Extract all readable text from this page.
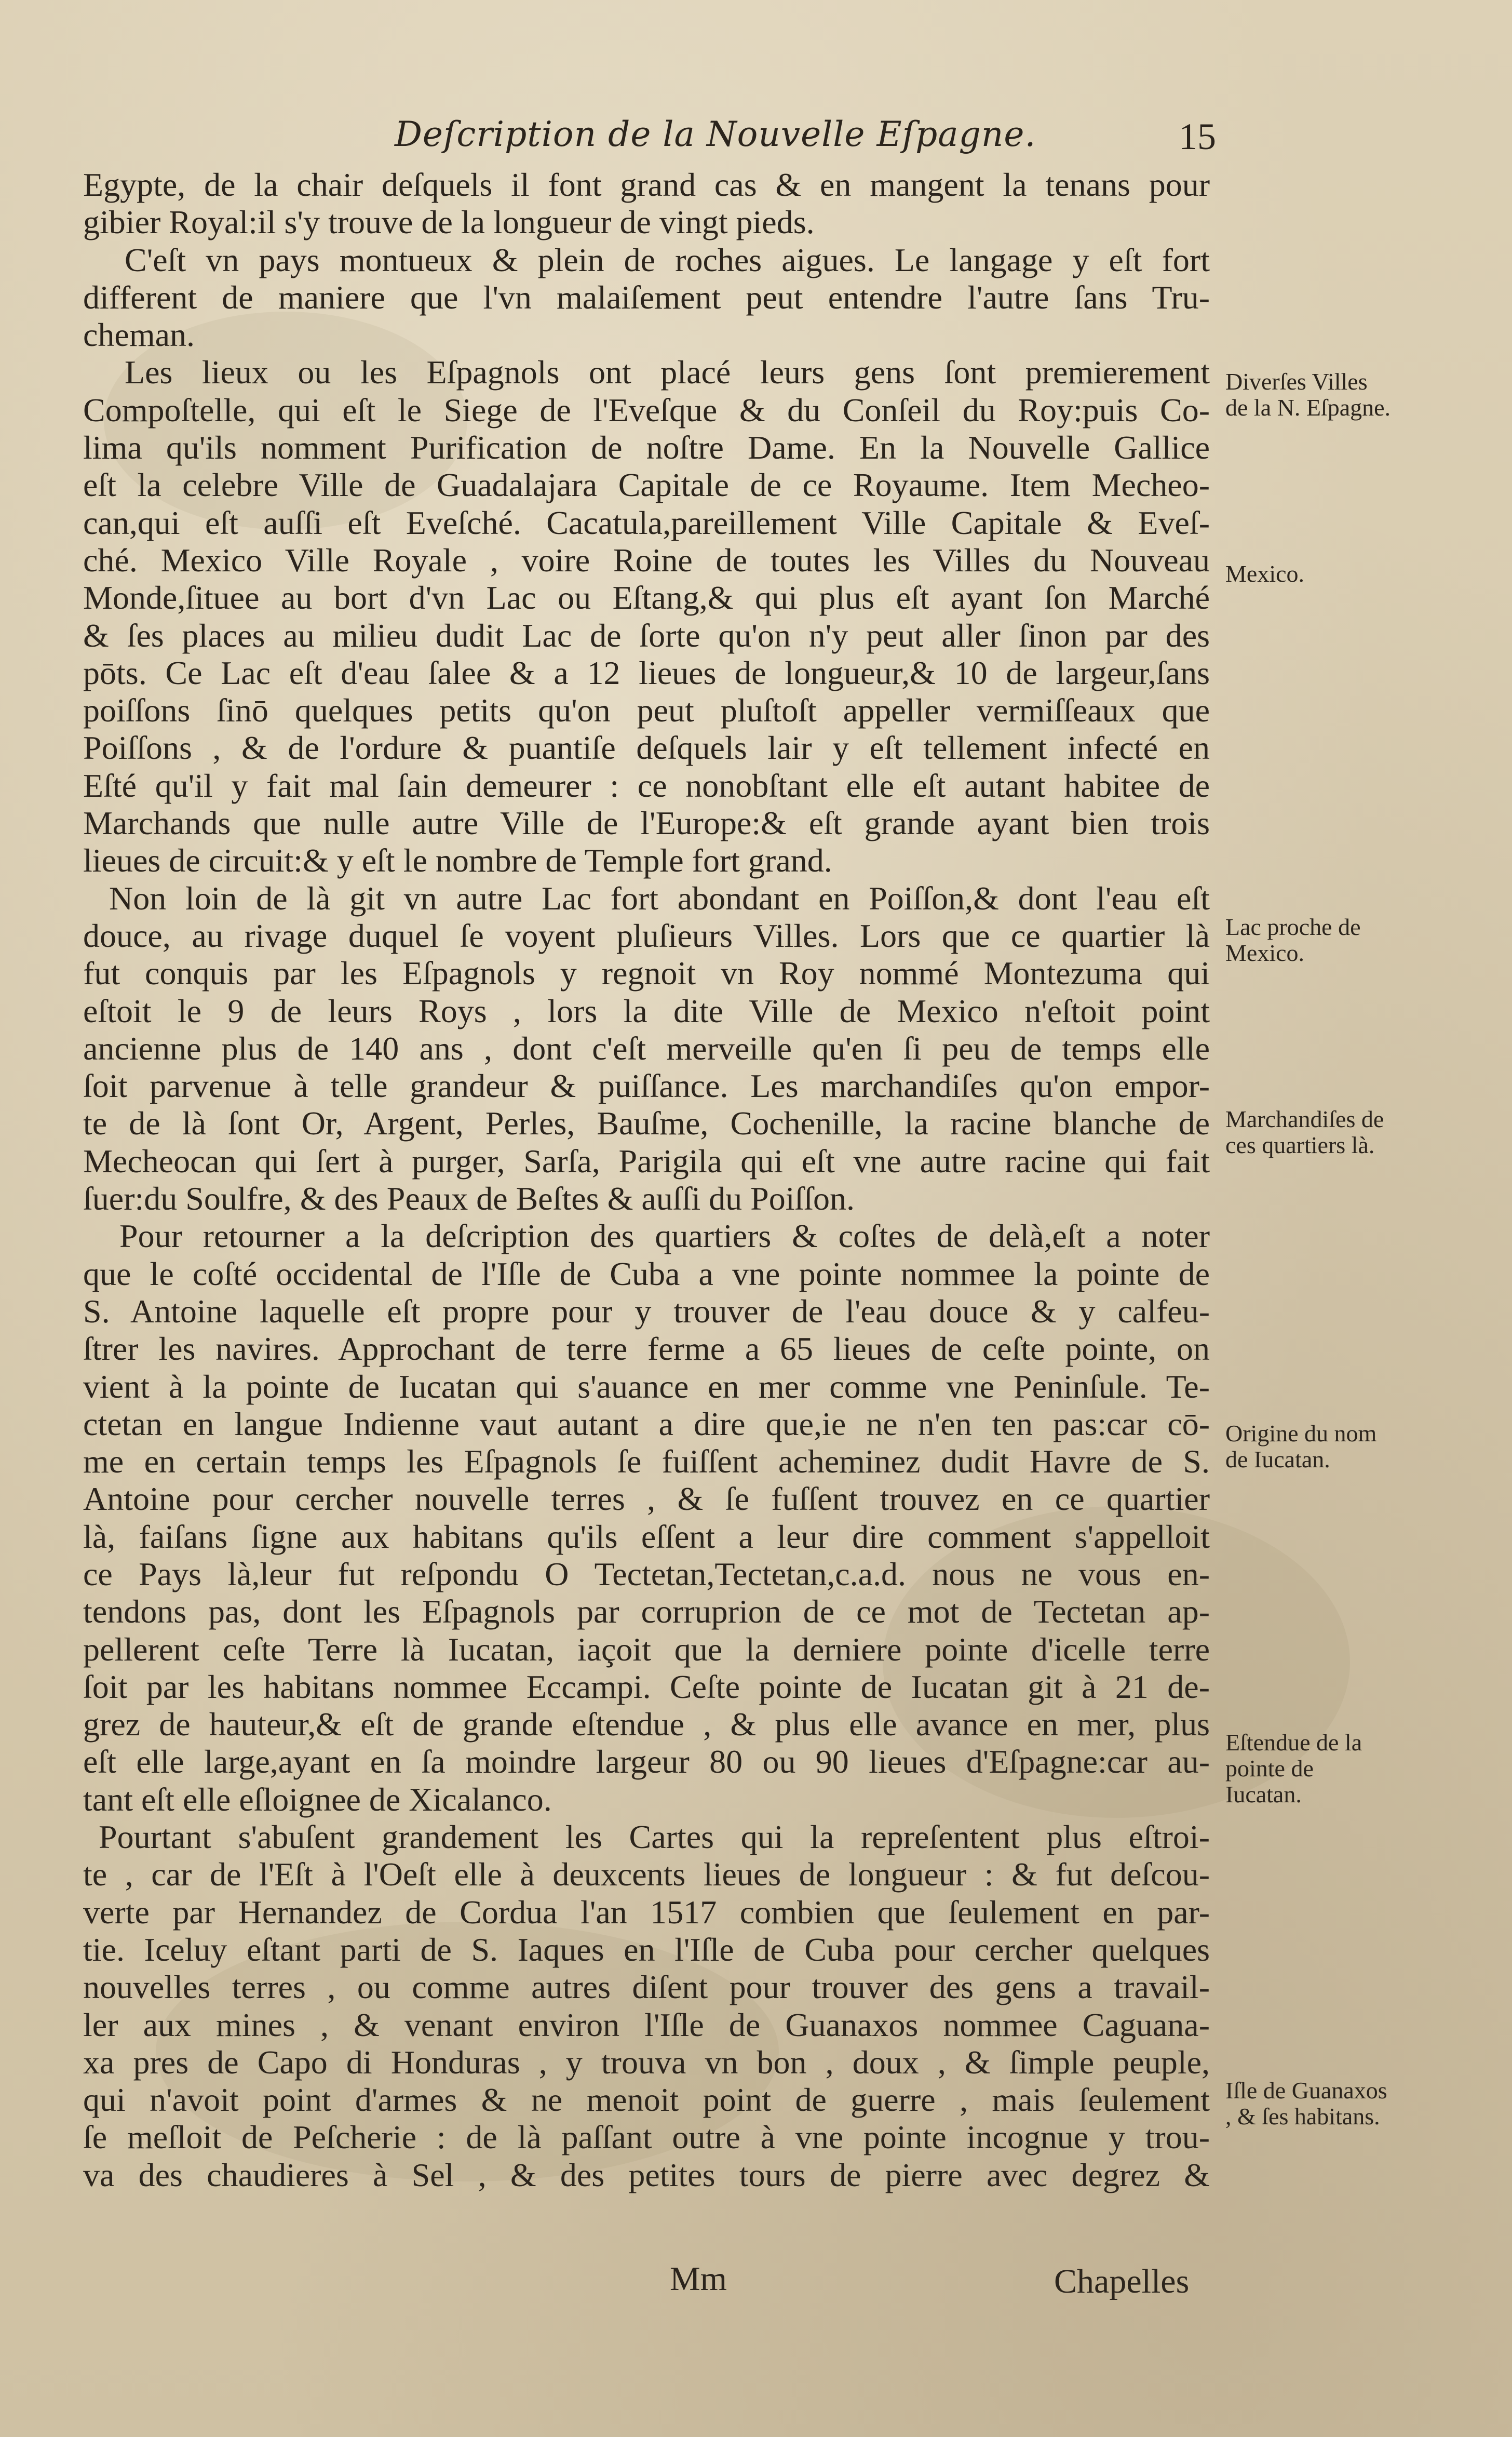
Deſcription de la Nouvelle Eſpagne.	15
Egypte, de la chair deſquels il font grand cas & en mangent la tenans pour
gibier Royal:il s'y trouve de la longueur de vingt pieds.
C'eſt vn pays montueux & plein de roches aigues. Le langage y eſt fort
different de maniere que l'vn malaiſement peut entendre l'autre ſans Tru-
cheman.
Les lieux ou les Eſpagnols ont placé leurs gens ſont premierement
Compoſtelle, qui eſt le Siege de l'Eveſque & du Conſeil du Roy:puis Co-
lima qu'ils nomment Purification de noſtre Dame. En la Nouvelle Gallice
eſt la celebre Ville de Guadalajara Capitale de ce Royaume. Item Mecheo-
can,qui eſt auſſi eſt Eveſché. Cacatula,pareillement Ville Capitale & Eveſ-
ché. Mexico Ville Royale , voire Roine de toutes les Villes du Nouveau
Monde,ſituee au bort d'vn Lac ou Eſtang,& qui plus eſt ayant ſon Marché
& ſes places au milieu dudit Lac de ſorte qu'on n'y peut aller ſinon par des
pōts. Ce Lac eſt d'eau ſalee & a 12 lieues de longueur,& 10 de largeur,ſans
poiſſons ſinō quelques petits qu'on peut pluſtoſt appeller vermiſſeaux que
Poiſſons , & de l'ordure & puantiſe deſquels lair y eſt tellement infecté en
Eſté qu'il y fait mal ſain demeurer : ce nonobſtant elle eſt autant habitee de
Marchands que nulle autre Ville de l'Europe:& eſt grande ayant bien trois
lieues de circuit:& y eſt le nombre de Temple fort grand.
Non loin de là git vn autre Lac fort abondant en Poiſſon,& dont l'eau eſt
douce, au rivage duquel ſe voyent pluſieurs Villes. Lors que ce quartier là
fut conquis par les Eſpagnols y regnoit vn Roy nommé Montezuma qui
eſtoit le 9 de leurs Roys , lors la dite Ville de Mexico n'eſtoit point
ancienne plus de 140 ans , dont c'eſt merveille qu'en ſi peu de temps elle
ſoit parvenue à telle grandeur & puiſſance. Les marchandiſes qu'on empor-
te de là ſont Or, Argent, Perles, Bauſme, Cochenille, la racine blanche de
Mecheocan qui ſert à purger, Sarſa, Parigila qui eſt vne autre racine qui fait
ſuer:du Soulfre, & des Peaux de Beſtes & auſſi du Poiſſon.
Pour retourner a la deſcription des quartiers & coſtes de delà,eſt a noter
que le coſté occidental de l'Iſle de Cuba a vne pointe nommee la pointe de
S. Antoine laquelle eſt propre pour y trouver de l'eau douce & y calfeu-
ſtrer les navires. Approchant de terre ferme a 65 lieues de ceſte pointe, on
vient à la pointe de Iucatan qui s'auance en mer comme vne Peninſule. Te-
ctetan en langue Indienne vaut autant a dire que,ie ne n'en ten pas:car cō-
me en certain temps les Eſpagnols ſe fuiſſent acheminez dudit Havre de S.
Antoine pour cercher nouvelle terres , & ſe fuſſent trouvez en ce quartier
là, faiſans ſigne aux habitans qu'ils eſſent a leur dire comment s'appelloit
ce Pays là,leur fut reſpondu O Tectetan,Tectetan,c.a.d. nous ne vous en-
tendons pas, dont les Eſpagnols par corruprion de ce mot de Tectetan ap-
pellerent ceſte Terre là Iucatan, iaçoit que la derniere pointe d'icelle terre
ſoit par les habitans nommee Eccampi. Ceſte pointe de Iucatan git à 21 de-
grez de hauteur,& eſt de grande eſtendue , & plus elle avance en mer, plus
eſt elle large,ayant en ſa moindre largeur 80 ou 90 lieues d'Eſpagne:car au-
tant eſt elle eſloignee de Xicalanco.
Pourtant s'abuſent grandement les Cartes qui la repreſentent plus eſtroi-
te , car de l'Eſt à l'Oeſt elle à deuxcents lieues de longueur : & fut deſcou-
verte par Hernandez de Cordua l'an 1517 combien que ſeulement en par-
tie. Iceluy eſtant parti de S. Iaques en l'Iſle de Cuba pour cercher quelques
nouvelles terres , ou comme autres diſent pour trouver des gens a travail-
ler aux mines , & venant environ l'Iſle de Guanaxos nommee Caguana-
xa pres de Capo di Honduras , y trouva vn bon , doux , & ſimple peuple,
qui n'avoit point d'armes & ne menoit point de guerre , mais ſeulement
ſe meſloit de Peſcherie : de là paſſant outre à vne pointe incognue y trou-
va des chaudieres à Sel , & des petites tours de pierre avec degrez &
Diverſes Villes de la N. Eſpagne.
Mexico.
Lac proche de Mexico.
Marchandiſes de ces quartiers là.
Origine du nom de Iucatan.
Eſtendue de la pointe de Iucatan.
Iſle de Guanaxos , & ſes habitans.
Mm	Chapelles
